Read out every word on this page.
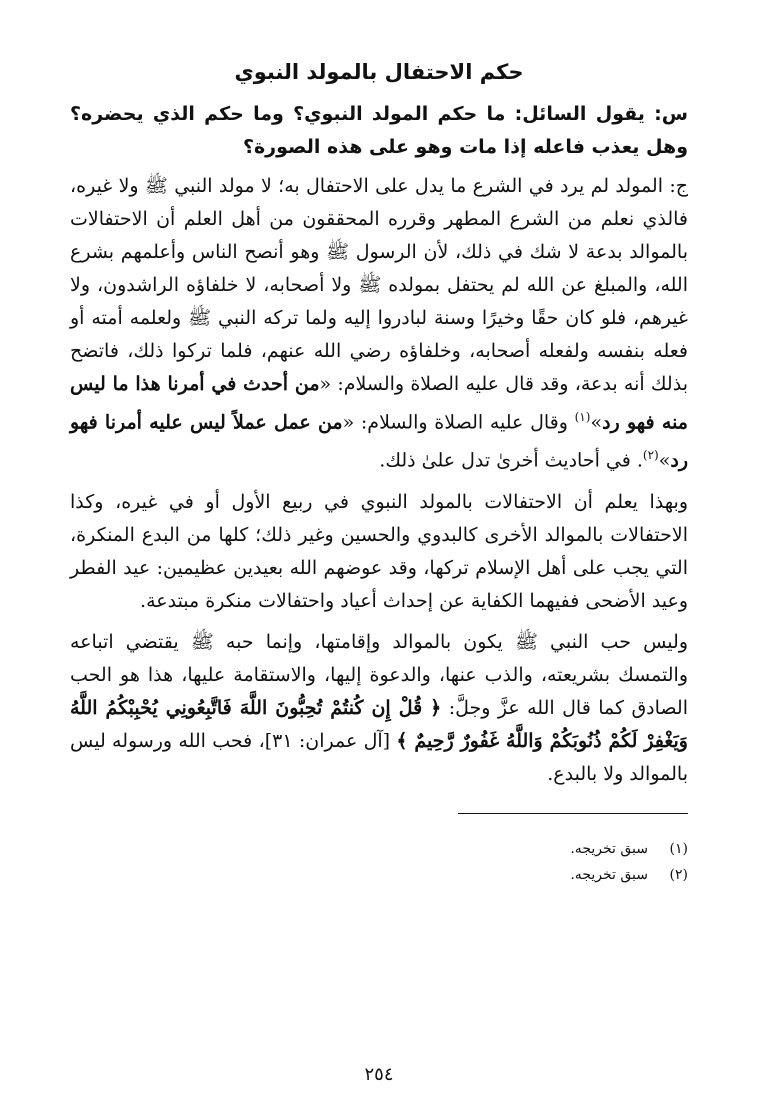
حكم الاحتفال بالمولد النبوي

س: يقول السائل: ما حكم المولد النبوي؟ وما حكم الذي يحضره؟ وهل يعذب فاعله إذا مات وهو على هذه الصورة؟

ج: المولد لم يرد في الشرع ما يدل على الاحتفال به؛ لا مولد النبي ﷺ ولا غيره، فالذي نعلم من الشرع المطهر وقرره المحققون من أهل العلم أن الاحتفالات بالموالد بدعة لا شك في ذلك، لأن الرسول ﷺ وهو أنصح الناس وأعلمهم بشرع الله، والمبلغ عن الله لم يحتفل بمولده ﷺ ولا أصحابه، لا خلفاؤه الراشدون، ولا غيرهم، فلو كان حقًا وخيرًا وسنة لبادروا إليه ولما تركه النبي ﷺ ولعلمه أمته أو فعله بنفسه ولفعله أصحابه، وخلفاؤه رضي الله عنهم، فلما تركوا ذلك، فاتضح بذلك أنه بدعة، وقد قال عليه الصلاة والسلام: «من أحدث في أمرنا هذا ما ليس منه فهو رد»$^{(١)}$ وقال عليه الصلاة والسلام: «من عمل عملاً ليس عليه أمرنا فهو رد»$^{(٢)}$. في أحاديث أخرىٰ تدل علىٰ ذلك.

وبهذا يعلم أن الاحتفالات بالمولد النبوي في ربيع الأول أو في غيره، وكذا الاحتفالات بالموالد الأخرى كالبدوي والحسين وغير ذلك؛ كلها من البدع المنكرة، التي يجب على أهل الإسلام تركها، وقد عوضهم الله بعيدين عظيمين: عيد الفطر وعيد الأضحى ففيهما الكفاية عن إحداث أعياد واحتفالات منكرة مبتدعة.

وليس حب النبي ﷺ يكون بالموالد وإقامتها، وإنما حبه ﷺ يقتضي اتباعه والتمسك بشريعته، والذب عنها، والدعوة إليها، والاستقامة عليها، هذا هو الحب الصادق كما قال الله عزَّ وجلَّ: ﴿ قُلْ إِن كُنتُمْ تُحِبُّونَ اللَّهَ فَاتَّبِعُونِي يُحْبِبْكُمُ اللَّهُ وَيَغْفِرْ لَكُمْ ذُنُوبَكُمْ وَاللَّهُ غَفُورٌ رَّحِيمٌ ﴾ [آل عمران: ٣١]، فحب الله ورسوله ليس بالموالد ولا بالبدع.

(١)سبق تخريجه.
(٢)سبق تخريجه.
٢٥٤
